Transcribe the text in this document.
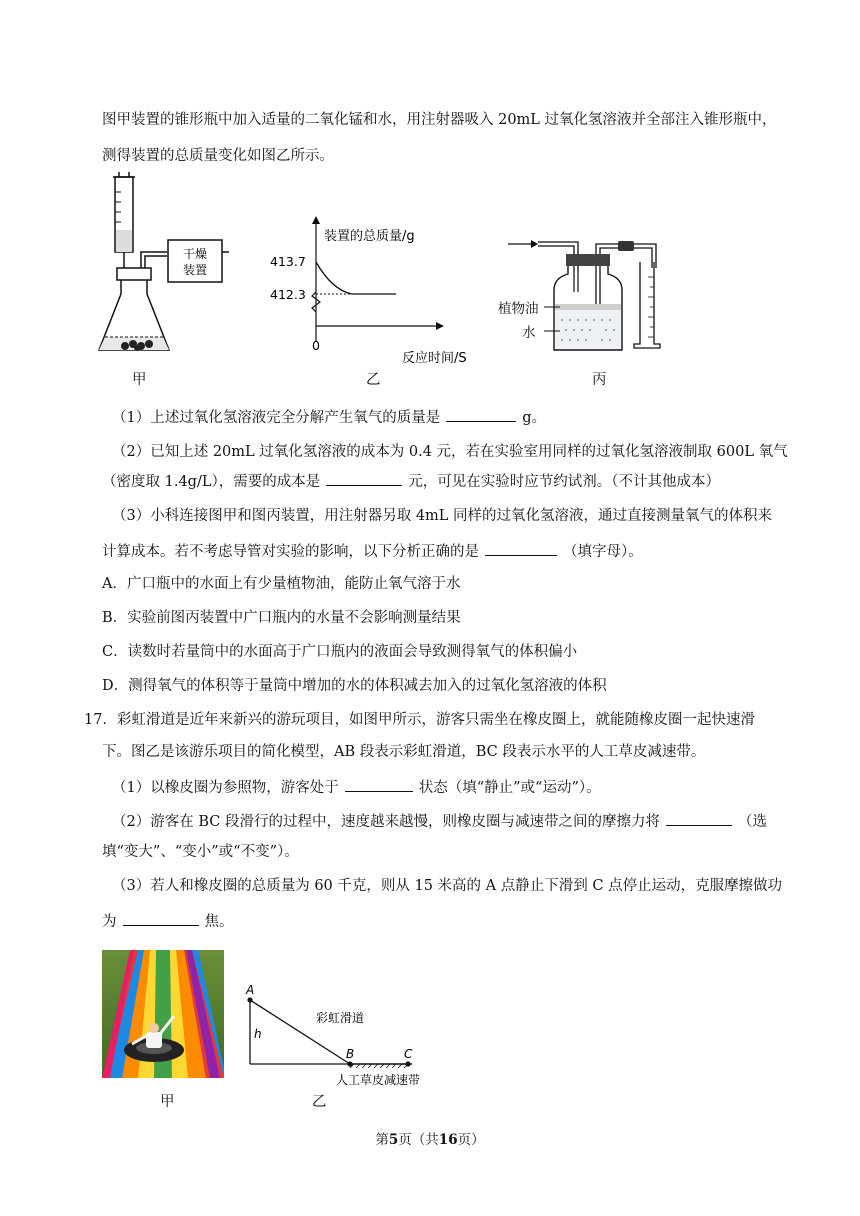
图甲装置的锥形瓶中加入适量的二氧化锰和水，用注射器吸入 20mL 过氧化氢溶液并全部注入锥形瓶中，
测得装置的总质量变化如图乙所示。
干燥
装置
甲
装置的总质量/g
反应时间/S
413.7
412.3
0
乙
植物油
水
丙
（1）上述过氧化氢溶液完全分解产生氧气的质量是	g。
（2）已知上述 20mL 过氧化氢溶液的成本为 0.4 元，若在实验室用同样的过氧化氢溶液制取 600L 氧气
（密度取 1.4g/L），需要的成本是	元，可见在实验时应节约试剂。（不计其他成本）
（3）小科连接图甲和图丙装置，用注射器另取 4mL 同样的过氧化氢溶液，通过直接测量氧气的体积来
计算成本。若不考虑导管对实验的影响，以下分析正确的是	（填字母）。
A．广口瓶中的水面上有少量植物油，能防止氧气溶于水
B．实验前图丙装置中广口瓶内的水量不会影响测量结果
C．读数时若量筒中的水面高于广口瓶内的液面会导致测得氧气的体积偏小
D．测得氧气的体积等于量筒中增加的水的体积减去加入的过氧化氢溶液的体积
17．彩虹滑道是近年来新兴的游玩项目，如图甲所示，游客只需坐在橡皮圈上，就能随橡皮圈一起快速滑
下。图乙是该游乐项目的简化模型，AB 段表示彩虹滑道，BC 段表示水平的人工草皮减速带。
（1）以橡皮圈为参照物，游客处于	状态（填“静止”或“运动”）。
（2）游客在 BC 段滑行的过程中，速度越来越慢，则橡皮圈与减速带之间的摩擦力将	（选
填“变大”、“变小”或“不变”）。
（3）若人和橡皮圈的总质量为 60 千克，则从 15 米高的 A 点静止下滑到 C 点停止运动，克服摩擦做功
为	焦。
甲
A
B	C
h
彩虹滑道
人工草皮减速带
乙
第5页（共16页）
